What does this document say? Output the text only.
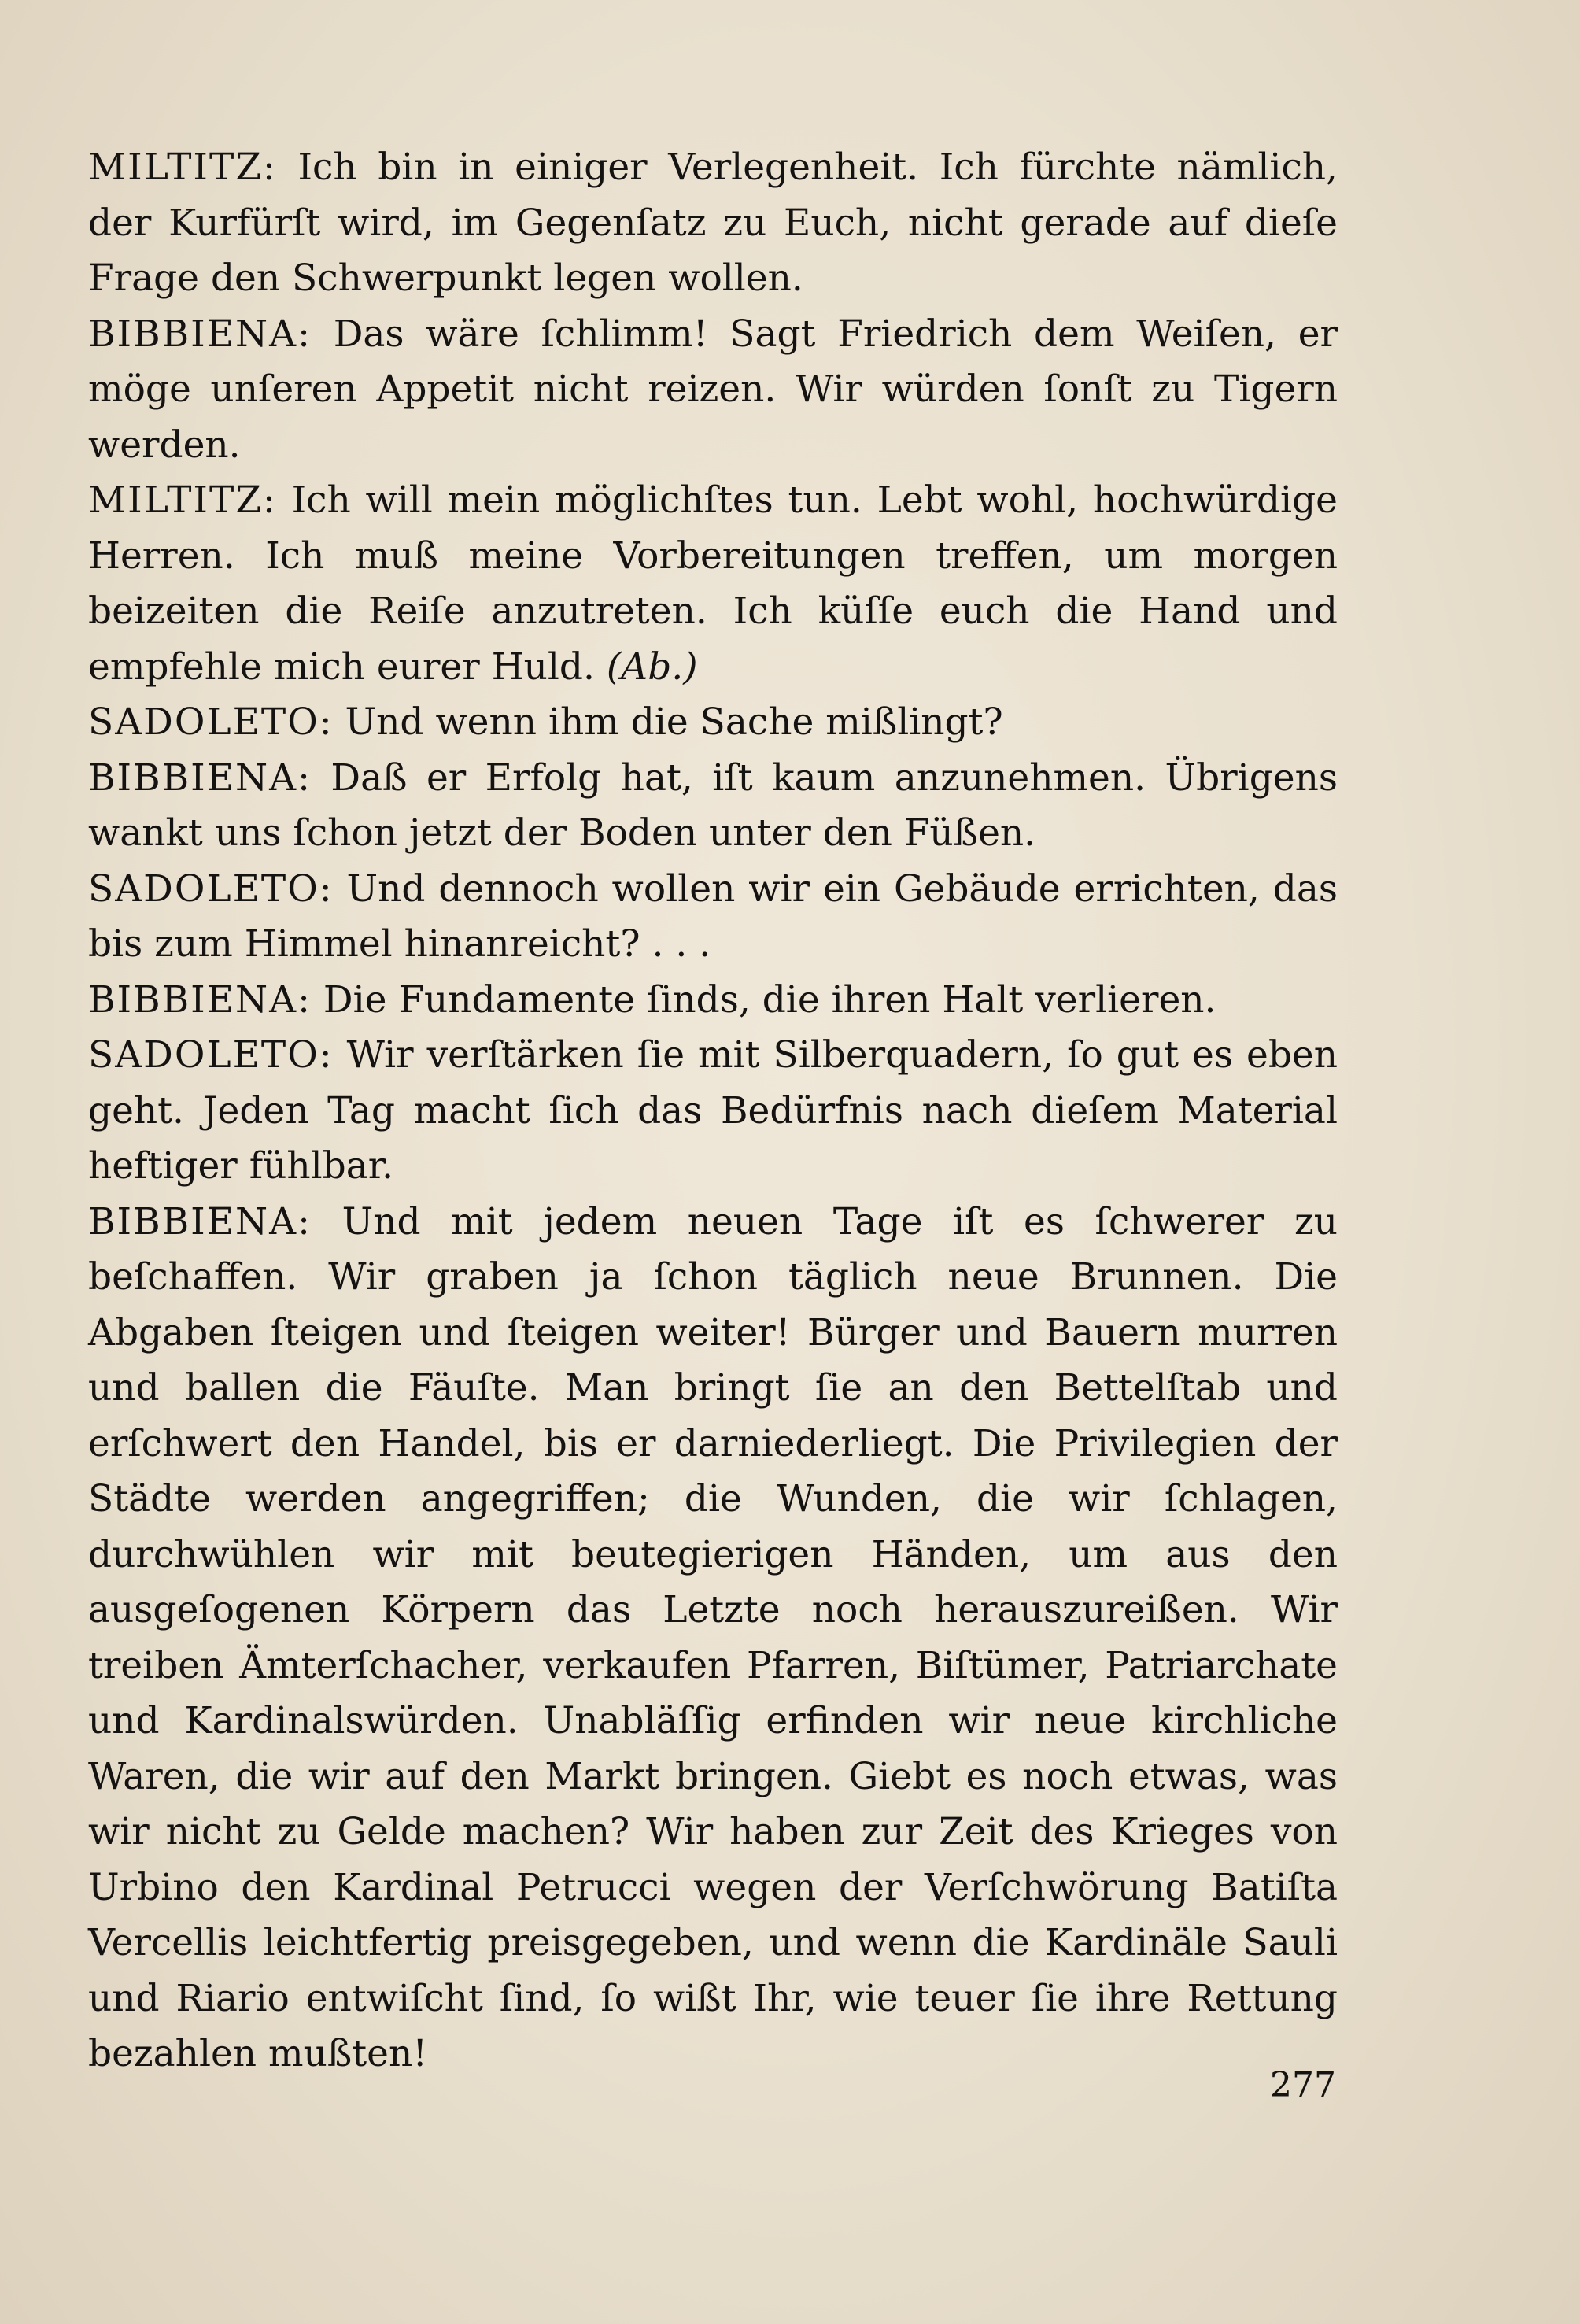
MILTITZ: Ich bin in einiger Verlegenheit. Ich fürchte nämlich, der Kurfürſt wird, im Gegenſatz zu Euch, nicht gerade auf dieſe Frage den Schwerpunkt legen wollen.

BIBBIENA: Das wäre ſchlimm! Sagt Friedrich dem Weiſen, er möge unſeren Appetit nicht reizen. Wir würden ſonſt zu Tigern werden.

MILTITZ: Ich will mein möglichſtes tun. Lebt wohl, hochwürdige Herren. Ich muß meine Vorbereitungen treffen, um morgen beizeiten die Reiſe anzutreten. Ich küſſe euch die Hand und empfehle mich eurer Huld. (Ab.)

SADOLETO: Und wenn ihm die Sache mißlingt?

BIBBIENA: Daß er Erfolg hat, iſt kaum anzunehmen. Übrigens wankt uns ſchon jetzt der Boden unter den Füßen.

SADOLETO: Und dennoch wollen wir ein Gebäude errichten, das bis zum Himmel hinanreicht? . . .

BIBBIENA: Die Fundamente ſinds, die ihren Halt verlieren.

SADOLETO: Wir verſtärken ſie mit Silberquadern, ſo gut es eben geht. Jeden Tag macht ſich das Bedürfnis nach dieſem Material heftiger fühlbar.

BIBBIENA: Und mit jedem neuen Tage iſt es ſchwerer zu beſchaffen. Wir graben ja ſchon täglich neue Brunnen. Die Abgaben ſteigen und ſteigen weiter! Bürger und Bauern murren und ballen die Fäuſte. Man bringt ſie an den Bettelſtab und erſchwert den Handel, bis er darniederliegt. Die Privilegien der Städte werden angegriffen; die Wunden, die wir ſchlagen, durchwühlen wir mit beutegierigen Händen, um aus den ausgeſogenen Körpern das Letzte noch herauszureißen. Wir treiben Ämterſchacher, verkaufen Pfarren, Biſtümer, Patriarchate und Kardinalswürden. Unabläſſig erfinden wir neue kirchliche Waren, die wir auf den Markt bringen. Giebt es noch etwas, was wir nicht zu Gelde machen? Wir haben zur Zeit des Krieges von Urbino den Kardinal Petrucci wegen der Verſchwörung Batiſta Vercellis leichtfertig preisgegeben, und wenn die Kardinäle Sauli und Riario entwiſcht ſind, ſo wißt Ihr, wie teuer ſie ihre Rettung bezahlen mußten!

277
